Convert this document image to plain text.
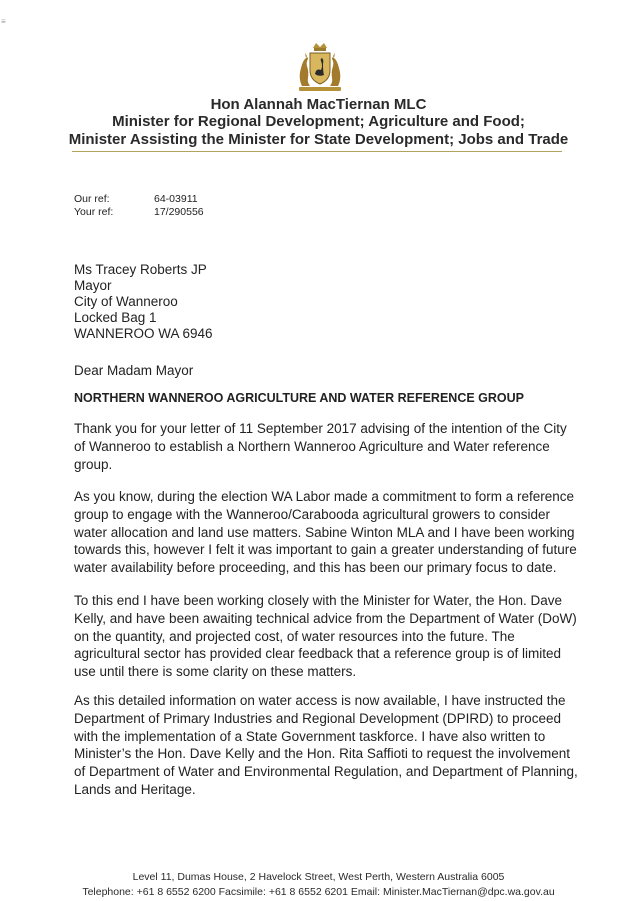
≡
Hon Alannah MacTiernan MLC
Minister for Regional Development; Agriculture and Food;
Minister Assisting the Minister for State Development; Jobs and Trade
Our ref:	64-03911
Your ref:	17/290556
Ms Tracey Roberts JP
Mayor
City of Wanneroo
Locked Bag 1
WANNEROO WA 6946
Dear Madam Mayor
NORTHERN WANNEROO AGRICULTURE AND WATER REFERENCE GROUP

Thank you for your letter of 11 September 2017 advising of the intention of the City
of Wanneroo to establish a Northern Wanneroo Agriculture and Water reference
group.

As you know, during the election WA Labor made a commitment to form a reference
group to engage with the Wanneroo/Carabooda agricultural growers to consider
water allocation and land use matters. Sabine Winton MLA and I have been working
towards this, however I felt it was important to gain a greater understanding of future
water availability before proceeding, and this has been our primary focus to date.

To this end I have been working closely with the Minister for Water, the Hon. Dave
Kelly, and have been awaiting technical advice from the Department of Water (DoW)
on the quantity, and projected cost, of water resources into the future. The
agricultural sector has provided clear feedback that a reference group is of limited
use until there is some clarity on these matters.

As this detailed information on water access is now available, I have instructed the
Department of Primary Industries and Regional Development (DPIRD) to proceed
with the implementation of a State Government taskforce. I have also written to
Minister’s the Hon. Dave Kelly and the Hon. Rita Saffioti to request the involvement
of Department of Water and Environmental Regulation, and Department of Planning,
Lands and Heritage.

Level 11, Dumas House, 2 Havelock Street, West Perth, Western Australia 6005
Telephone: +61 8 6552 6200 Facsimile: +61 8 6552 6201 Email: Minister.MacTiernan@dpc.wa.gov.au
